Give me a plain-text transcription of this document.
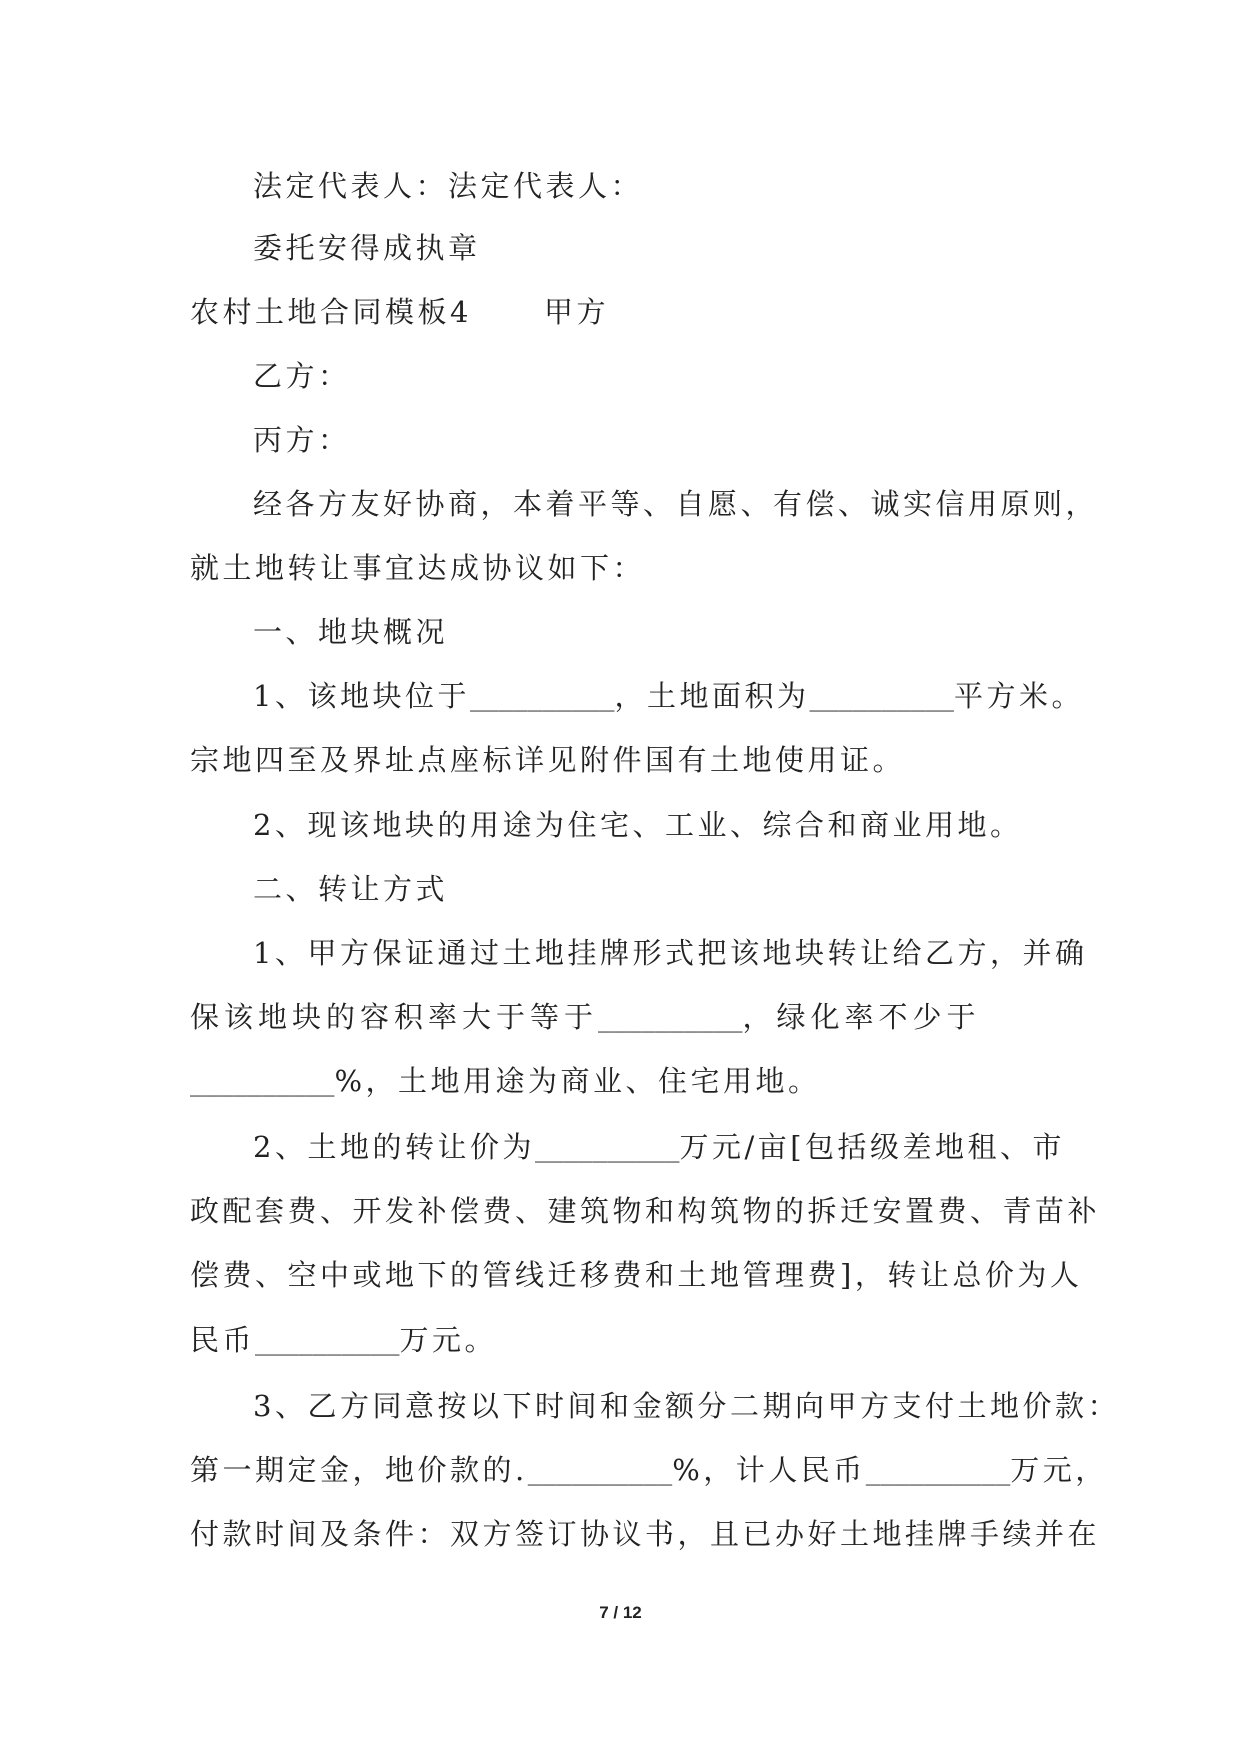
法定代表人：法定代表人：
委托安得成执章
农村土地合同模板4 甲方
乙方：
丙方：
经各方友好协商，本着平等、自愿、有偿、诚实信用原则，
就土地转让事宜达成协议如下：
一、地块概况
1、该地块位于__________，土地面积为__________平方米。
宗地四至及界址点座标详见附件国有土地使用证。
2、现该地块的用途为住宅、工业、综合和商业用地。
二、转让方式
1、甲方保证通过土地挂牌形式把该地块转让给乙方，并确
保该地块的容积率大于等于__________，绿化率不少于
__________%，土地用途为商业、住宅用地。
2、土地的转让价为__________万元/亩[包括级差地租、市
政配套费、开发补偿费、建筑物和构筑物的拆迁安置费、青苗补
偿费、空中或地下的管线迁移费和土地管理费]，转让总价为人
民币__________万元。
3、乙方同意按以下时间和金额分二期向甲方支付土地价款：
第一期定金，地价款的.__________%，计人民币__________万元，
付款时间及条件：双方签订协议书，且已办好土地挂牌手续并在
7 / 12
